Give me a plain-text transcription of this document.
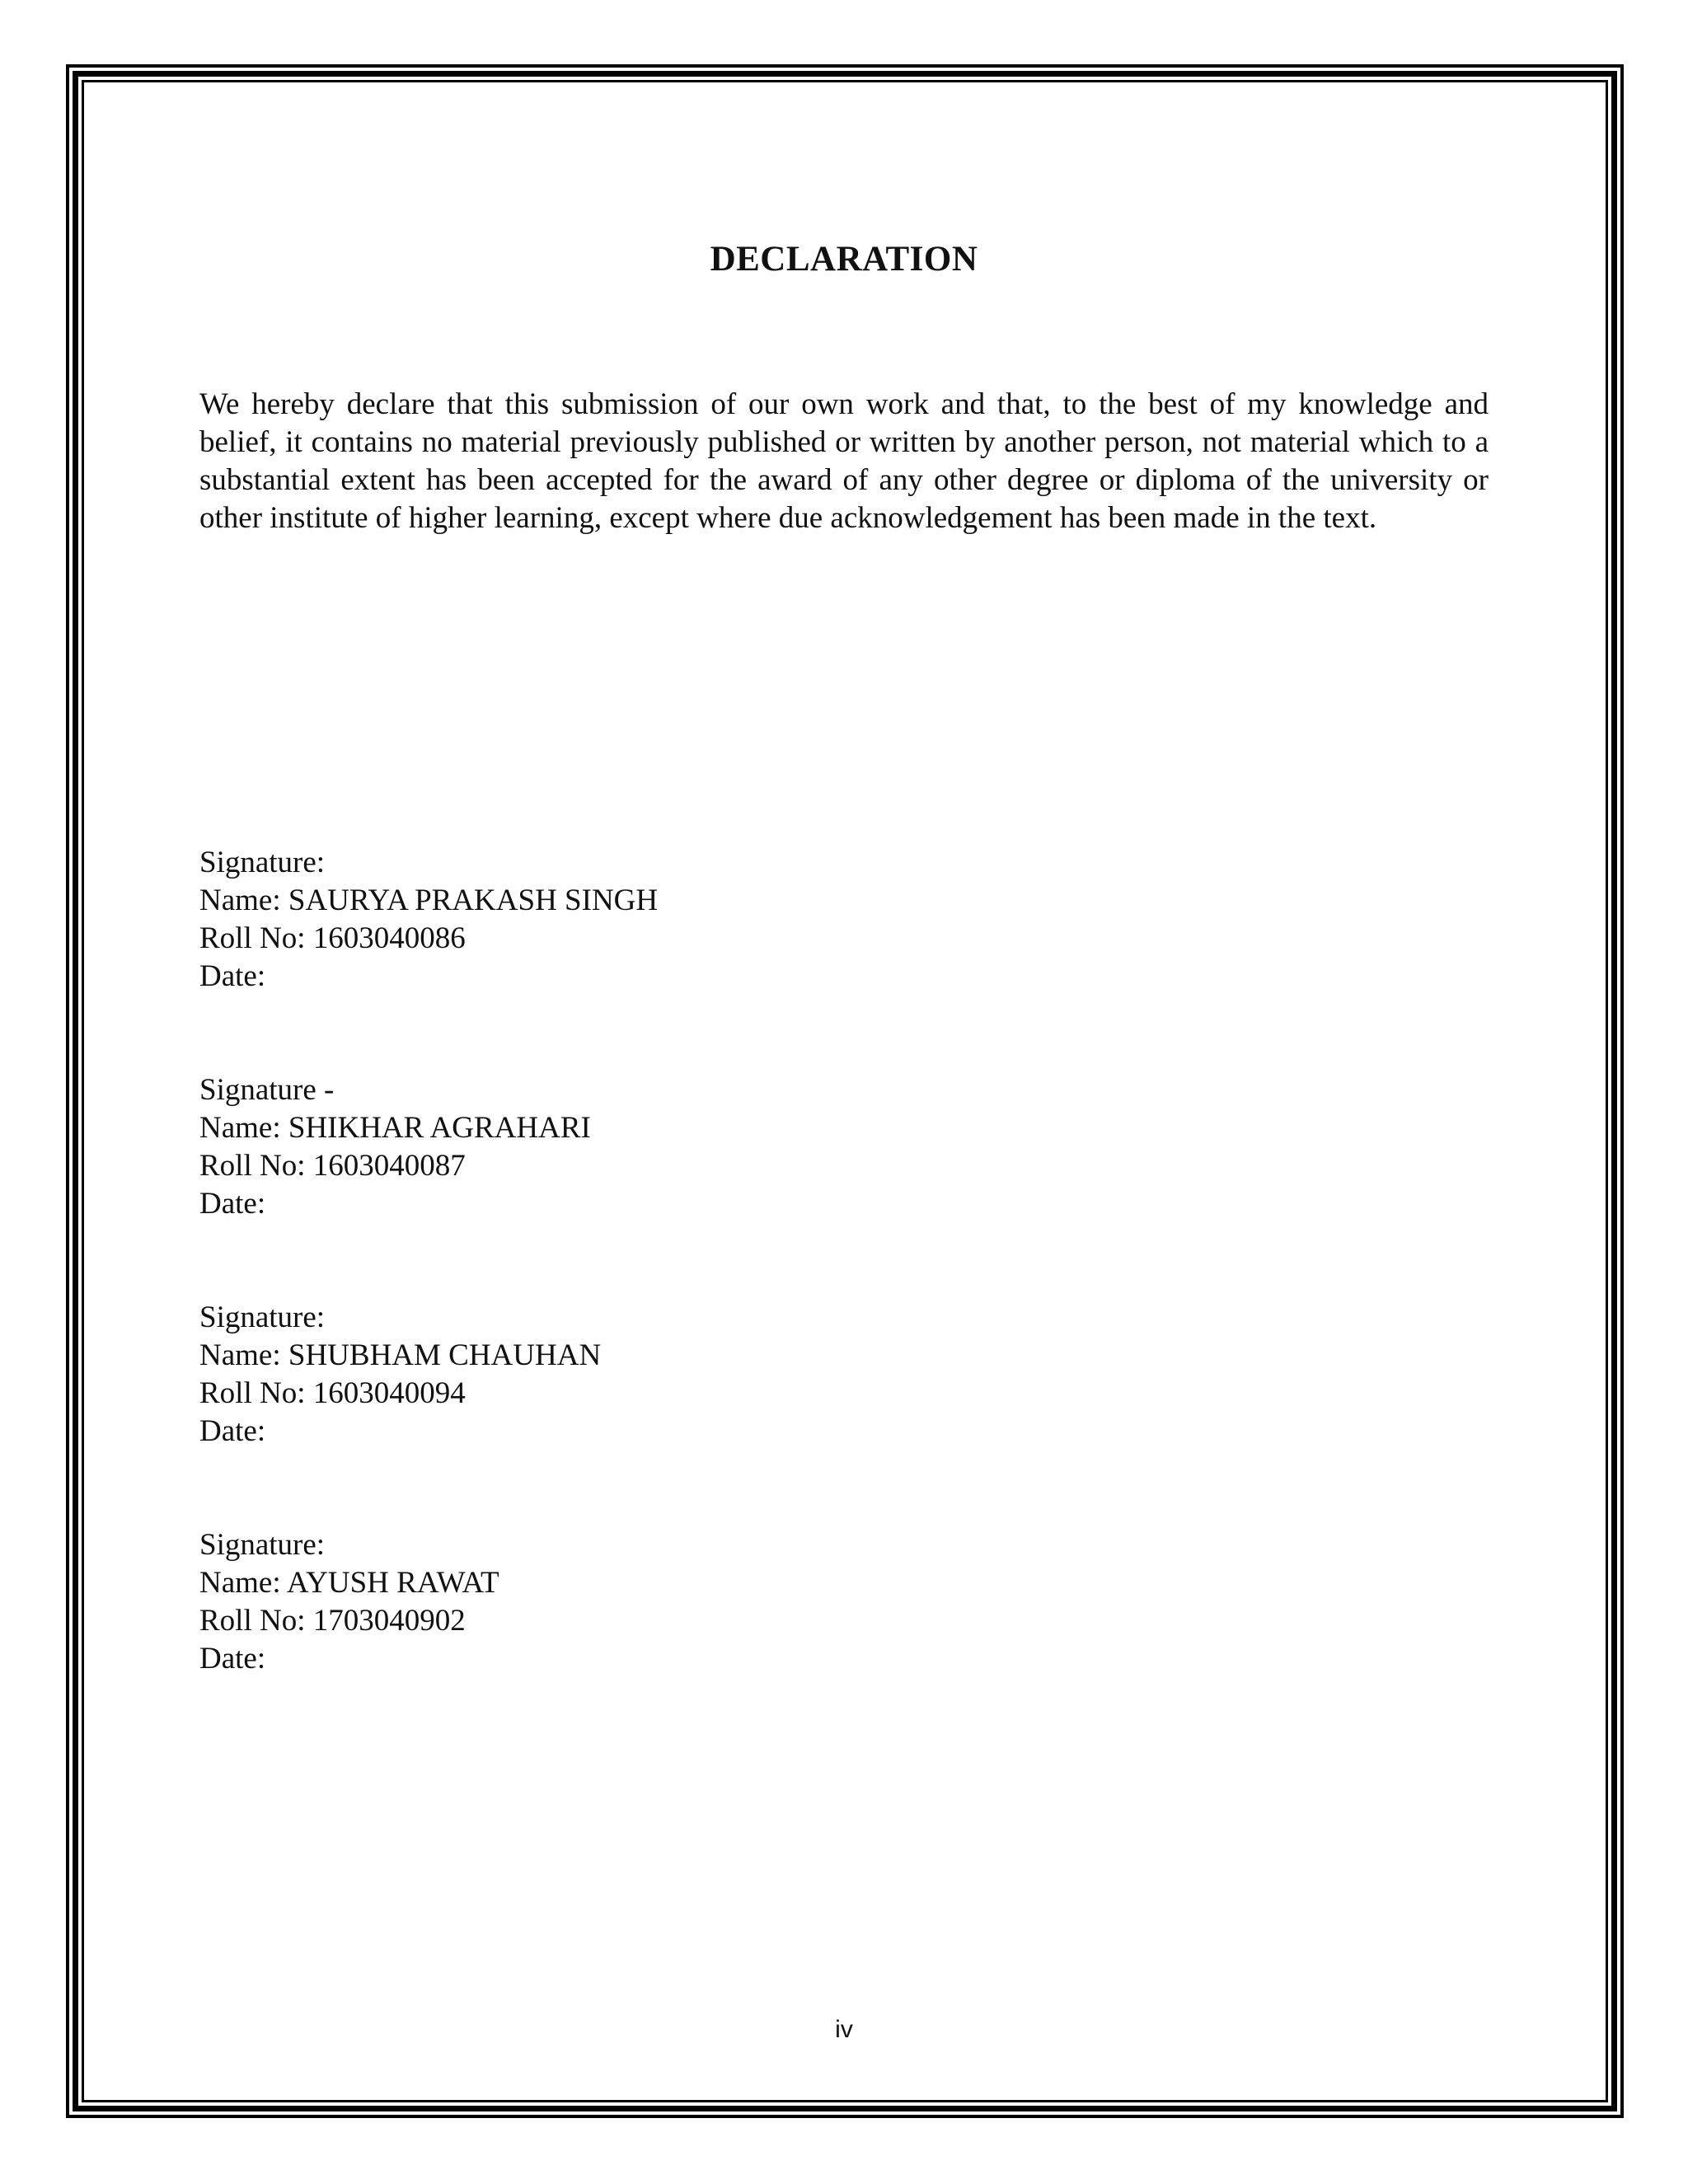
DECLARATION

We hereby declare that this submission of our own work and that, to the best of my knowledge and belief, it contains no material previously published or written by another person, not material which to a substantial extent has been accepted for the award of any other degree or diploma of the university or other institute of higher learning, except where due acknowledgement has been made in the text.

Signature:
Name: SAURYA PRAKASH SINGH
Roll No: 1603040086
Date:
Signature -
Name: SHIKHAR AGRAHARI
Roll No: 1603040087
Date:
Signature:
Name: SHUBHAM CHAUHAN
Roll No: 1603040094
Date:
Signature:
Name: AYUSH RAWAT
Roll No: 1703040902
Date:
iv
